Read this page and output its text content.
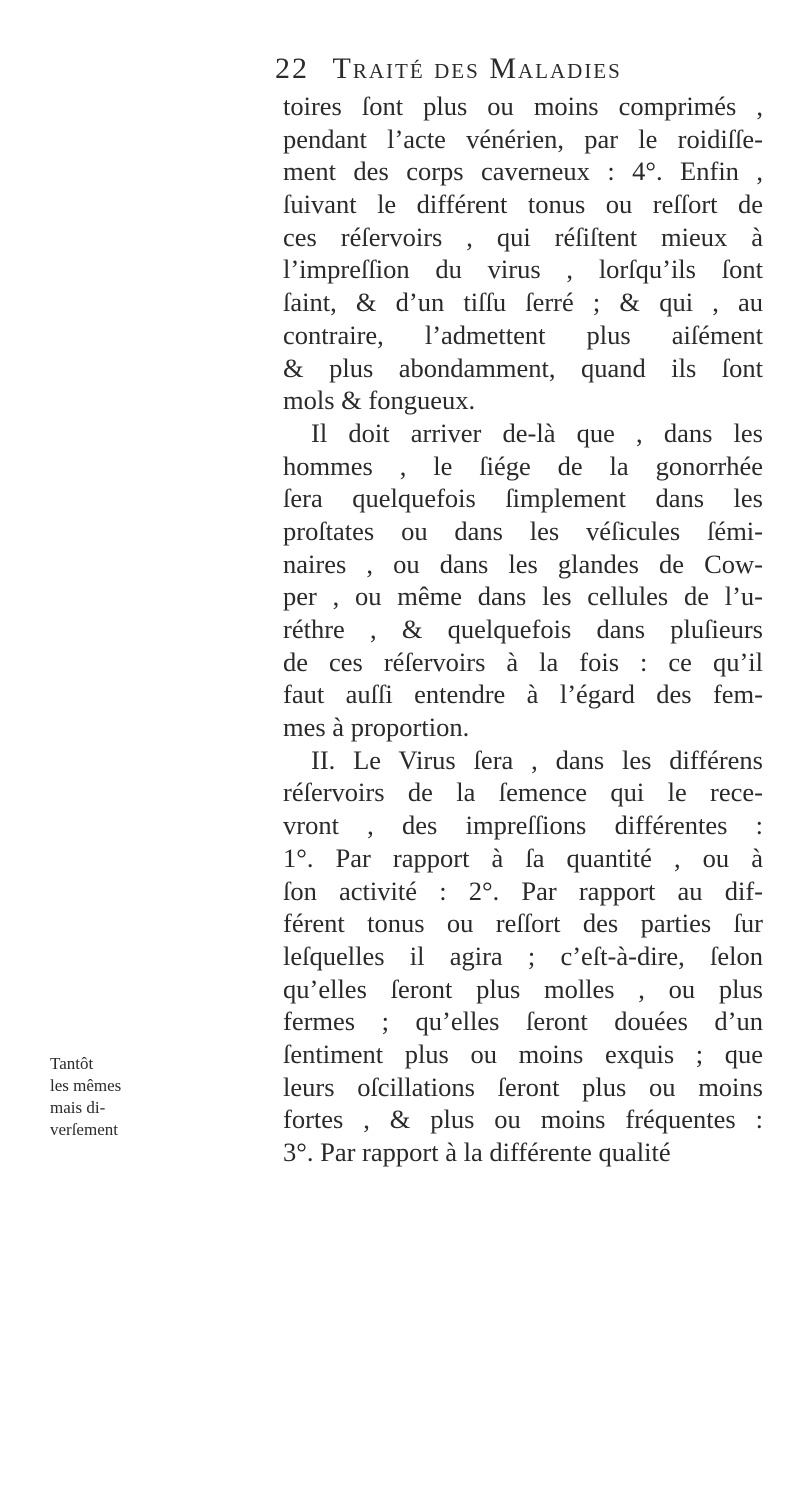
22 Traité des Maladies
Tantôt
les mêmes
mais di-
verſement
toires ſont plus ou moins comprimés ,
pendant l’acte vénérien, par le roidiſſe-
ment des corps caverneux : 4°. Enfin ,
ſuivant le différent tonus ou reſſort de
ces réſervoirs , qui réſiſtent mieux à
l’impreſſion du virus , lorſqu’ils ſont
ſaint, & d’un tiſſu ſerré ; & qui , au
contraire, l’admettent plus aiſément
& plus abondamment, quand ils ſont
mols & fongueux.
Il doit arriver de-là que , dans les
hommes , le ſiége de la gonorrhée
ſera quelquefois ſimplement dans les
proſtates ou dans les véſicules ſémi-
naires , ou dans les glandes de Cow-
per , ou même dans les cellules de l’u-
réthre , & quelquefois dans pluſieurs
de ces réſervoirs à la fois : ce qu’il
faut auſſi entendre à l’égard des fem-
mes à proportion.
II. Le Virus ſera , dans les différens
réſervoirs de la ſemence qui le rece-
vront , des impreſſions différentes :
1°. Par rapport à ſa quantité , ou à
ſon activité : 2°. Par rapport au dif-
férent tonus ou reſſort des parties ſur
leſquelles il agira ; c’eſt-à-dire, ſelon
qu’elles ſeront plus molles , ou plus
fermes ; qu’elles ſeront douées d’un
ſentiment plus ou moins exquis ; que
leurs oſcillations ſeront plus ou moins
fortes , & plus ou moins fréquentes :
3°. Par rapport à la différente qualité
